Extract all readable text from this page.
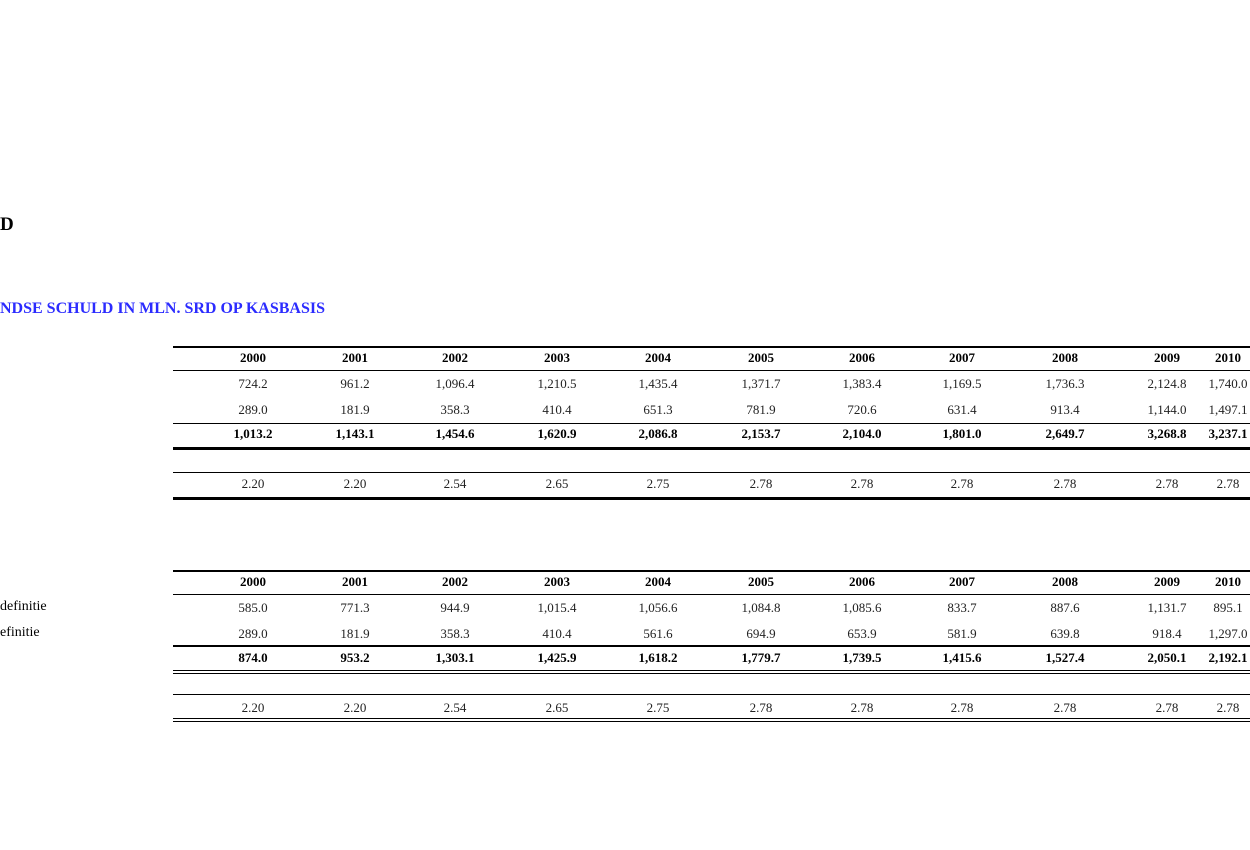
D
NDSE SCHULD IN MLN. SRD OP KASBASIS
2000	2001	2002	2003	2004	2005	2006	2007	2008	2009	2010
724.2	961.2	1,096.4	1,210.5	1,435.4	1,371.7	1,383.4	1,169.5	1,736.3	2,124.8	1,740.0
289.0	181.9	358.3	410.4	651.3	781.9	720.6	631.4	913.4	1,144.0	1,497.1
1,013.2	1,143.1	1,454.6	1,620.9	2,086.8	2,153.7	2,104.0	1,801.0	2,649.7	3,268.8	3,237.1
2.20	2.20	2.54	2.65	2.75	2.78	2.78	2.78	2.78	2.78	2.78
definitie
efinitie
2000	2001	2002	2003	2004	2005	2006	2007	2008	2009	2010
585.0	771.3	944.9	1,015.4	1,056.6	1,084.8	1,085.6	833.7	887.6	1,131.7	895.1
289.0	181.9	358.3	410.4	561.6	694.9	653.9	581.9	639.8	918.4	1,297.0
874.0	953.2	1,303.1	1,425.9	1,618.2	1,779.7	1,739.5	1,415.6	1,527.4	2,050.1	2,192.1
2.20	2.20	2.54	2.65	2.75	2.78	2.78	2.78	2.78	2.78	2.78
